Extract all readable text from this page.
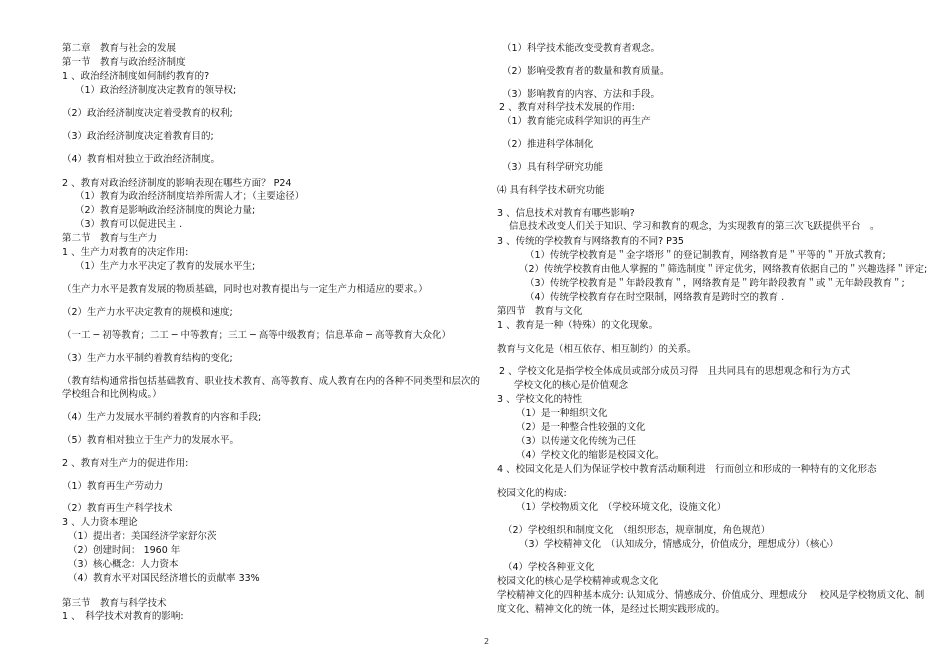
第二章　教育与社会的发展
第一节　教育与政治经济制度
1 、政治经济制度如何制约教育的?
（1）政治经济制度决定教育的领导权;
（2）政治经济制度决定着受教育的权利;
（3）政治经济制度决定着教育目的;
（4）教育相对独立于政治经济制度。
2 、教育对政治经济制度的影响表现在哪些方面？ P24
（1）教育为政治经济制度培养所需人才；（主要途径）
（2）教育是影响政治经济制度的舆论力量;
（3）教育可以促进民主 .
第二节　教育与生产力
1 、生产力对教育的决定作用:
（1）生产力水平决定了教育的发展水平生;
（生产力水平是教育发展的物质基础，同时也对教育提出与一定生产力相适应的要求。）
（2）生产力水平决定教育的规模和速度;
（一工 ─ 初等教育；二工 ─ 中等教育；三工 ─ 高等中级教育；信息革命 ─ 高等教育大众化）
（3）生产力水平制约着教育结构的变化;
（教育结构通常指包括基础教育、职业技术教育、高等教育、成人教育在内的各种不同类型和层次的
学校组合和比例构成。）
（4）生产力发展水平制约着教育的内容和手段;
（5）教育相对独立于生产力的发展水平。
2 、教育对生产力的促进作用:
（1）教育再生产劳动力
（2）教育再生产科学技术
3 、人力资本理论
（1）提出者：美国经济学家舒尔茨
（2）创建时间： 1960 年
（3）核心概念：人力资本
（4）教育水平对国民经济增长的贡献率 33%
第三节　教育与科学技术
1 、　科学技术对教育的影响:
（1）科学技术能改变受教育者观念。
（2）影响受教育者的数量和教育质量。
（3）影响教育的内容、方法和手段。
2 、教育对科学技术发展的作用:
（1）教育能完成科学知识的再生产
（2）推进科学体制化
（3）具有科学研究功能
⑷ 具有科学技术研究功能
3 、信息技术对教育有哪些影响?
信息技术改变人们关于知识、学习和教育的观念，为实现教育的第三次飞跃提供平台　。
3 、传统的学校教育与网络教育的不同? P35
（1）传统学校教育是＂金字塔形＂的登记制教育，网络教育是＂平等的＂开放式教育;
（2）传统学校教育由他人掌握的＂筛选制度＂评定优劣，网络教育依据自己的＂兴趣选择＂评定;
（3）传统学校教育是＂年龄段教育＂，网络教育是＂跨年龄段教育＂或＂无年龄段教育＂;
（4）传统学校教育存在时空限制，网络教育是跨时空的教育 .
第四节　教育与文化
1 、教育是一种（特殊）的文化现象。
教育与文化是（相互依存、相互制约）的关系。
2 、学校文化是指学校全体成员或部分成员习得　且共同具有的思想观念和行为方式
学校文化的核心是价值观念
3 、学校文化的特性
（1）是一种组织文化
（2）是一种整合性较强的文化
（3）以传递文化传统为己任
（4）学校文化的缩影是校园文化。
4 、校园文化是人们为保证学校中教育活动顺利进　行而创立和形成的一种特有的文化形态
校园文化的构成:
（1）学校物质文化　（学校环境文化，设施文化）
（2）学校组织和制度文化　（组织形态，规章制度，角色规范）
（3）学校精神文化　（认知成分，情感成分，价值成分，理想成分）（核心）
（4）学校各种亚文化
校园文化的核心是学校精神或观念文化
学校精神文化的四种基本成分: 认知成分、情感成分、价值成分、理想成分　 校风是学校物质文化、制
度文化、精神文化的统一体，是经过长期实践形成的。
2
